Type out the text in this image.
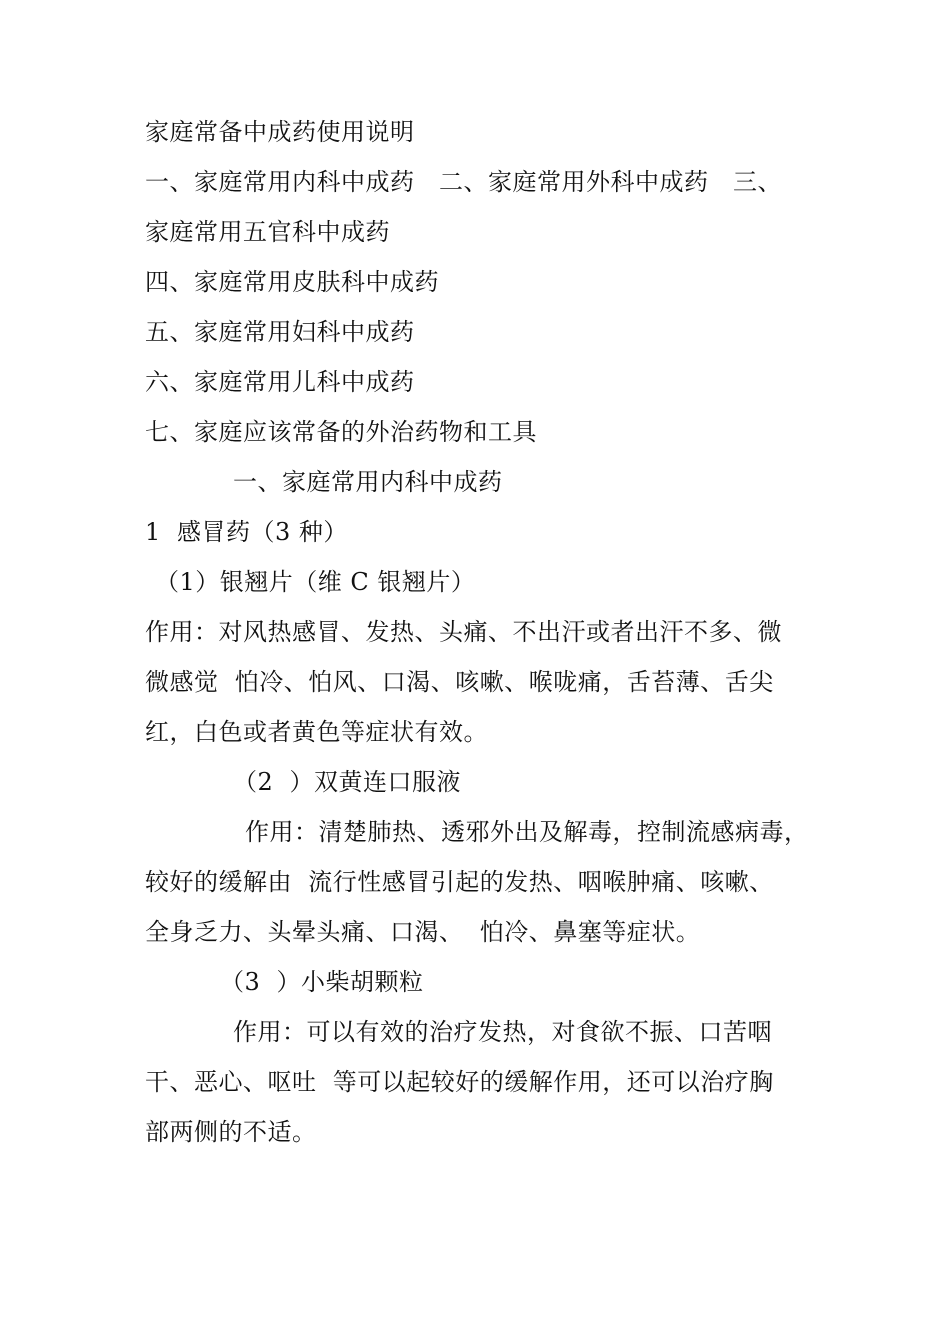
家庭常备中成药使用说明
一、家庭常用内科中成药　二、家庭常用外科中成药　三、
家庭常用五官科中成药
四、家庭常用皮肤科中成药
五、家庭常用妇科中成药
六、家庭常用儿科中成药
七、家庭应该常备的外治药物和工具
一、家庭常用内科中成药
1  感冒药（3 种）
（1）银翘片（维 C 银翘片）
作用：对风热感冒、发热、头痛、不出汗或者出汗不多、微
微感觉  怕冷、怕风、口渴、咳嗽、喉咙痛，舌苔薄、舌尖
红，白色或者黄色等症状有效。
（2  ）双黄连口服液
作用：清楚肺热、透邪外出及解毒，控制流感病毒，
较好的缓解由  流行性感冒引起的发热、咽喉肿痛、咳嗽、
全身乏力、头晕头痛、口渴、  怕冷、鼻塞等症状。
（3  ）小柴胡颗粒
作用：可以有效的治疗发热，对食欲不振、口苦咽
干、恶心、呕吐  等可以起较好的缓解作用，还可以治疗胸
部两侧的不适。
